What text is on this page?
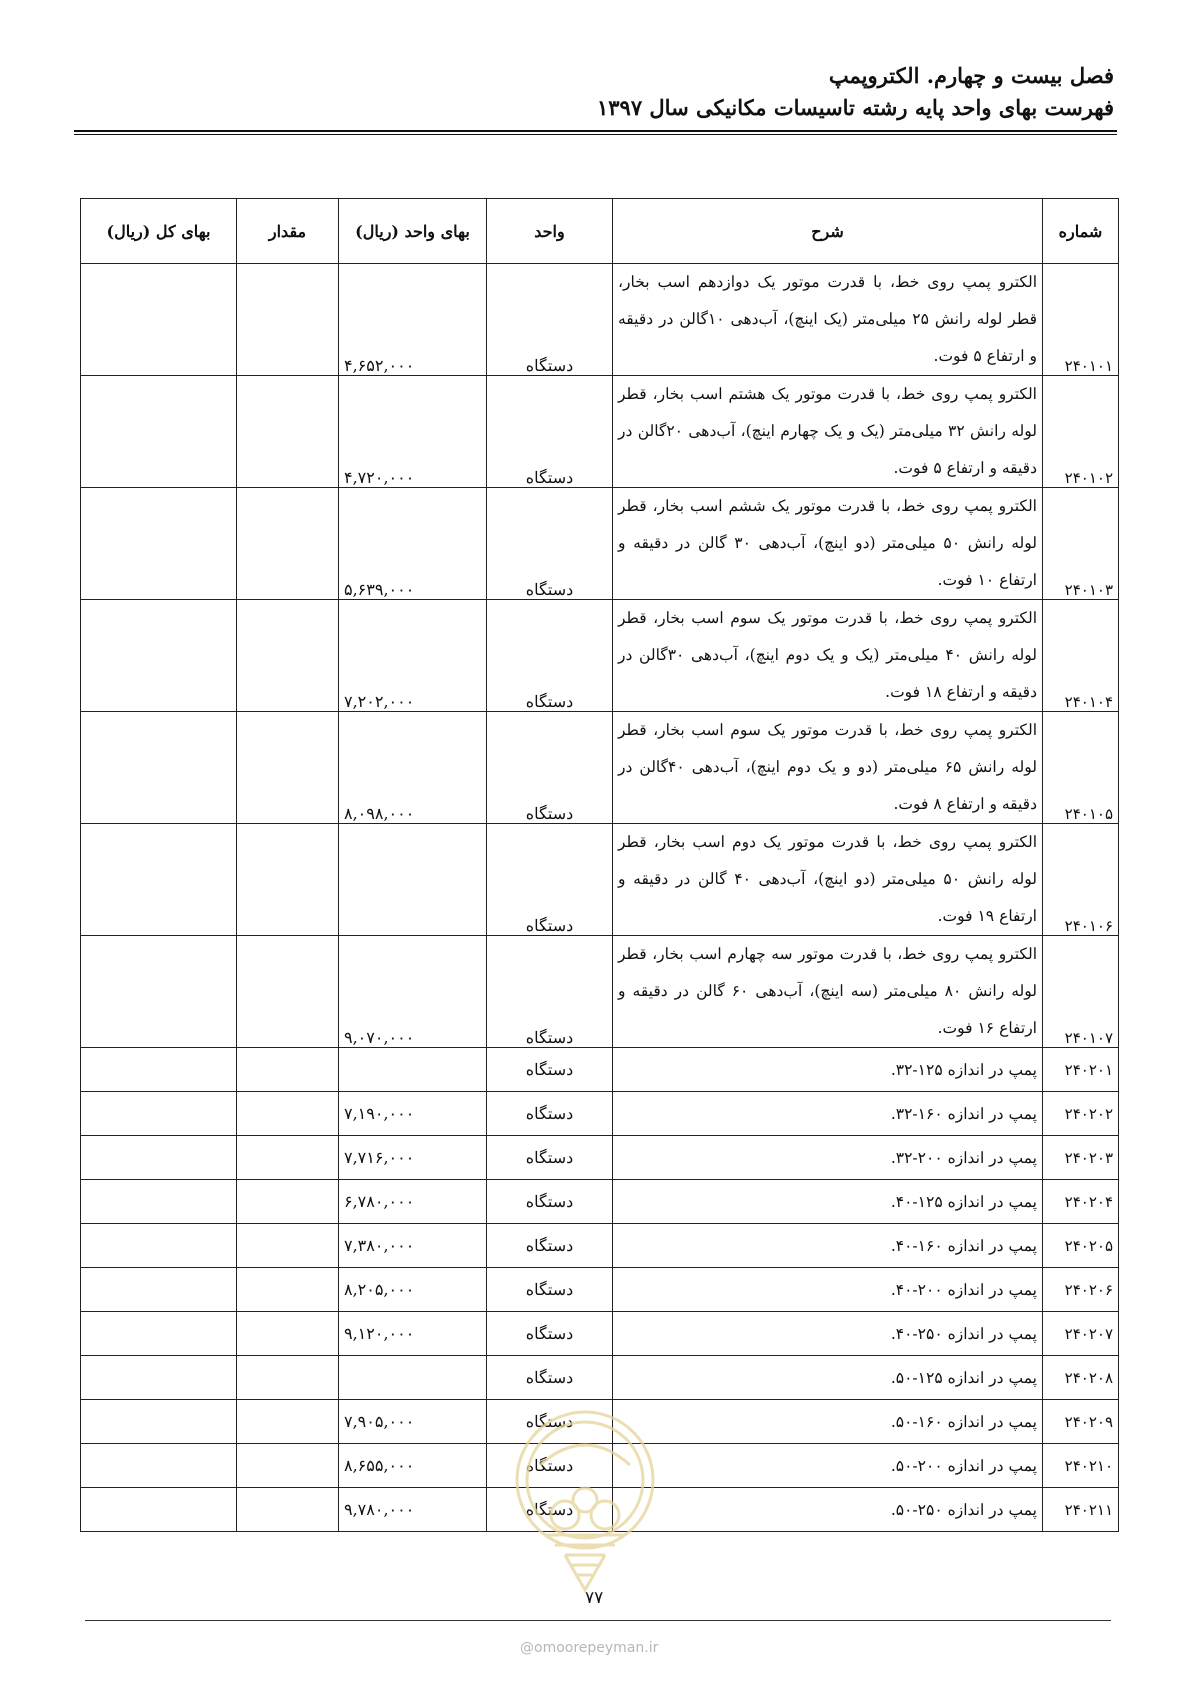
فصل بیست و چهارم. الکتروپمپ
فهرست بهای واحد پایه رشته تاسیسات مکانیکی سال ۱۳۹۷
شماره	شرح	واحد	بهای واحد (ریال)	مقدار	بهای کل (ریال)
۲۴۰۱۰۱	الکترو پمپ روی خط، با قدرت موتور یک دوازدهم اسب بخار، قطر لوله رانش ۲۵ میلی‌متر (یک اینچ)، آب‌دهی ۱۰گالن در دقیقه و ارتفاع ۵ فوت.	دستگاه	۴,۶۵۲,۰۰۰		
۲۴۰۱۰۲	الکترو پمپ روی خط، با قدرت موتور یک هشتم اسب بخار، قطر لوله رانش ۳۲ میلی‌متر (یک و یک چهارم اینچ)، آب‌دهی ۲۰گالن در دقیقه و ارتفاع ۵ فوت.	دستگاه	۴,۷۲۰,۰۰۰		
۲۴۰۱۰۳	الکترو پمپ روی خط، با قدرت موتور یک ششم اسب بخار، قطر لوله رانش ۵۰ میلی‌متر (دو اینچ)، آب‌دهی ۳۰ گالن در دقیقه و ارتفاع ۱۰ فوت.	دستگاه	۵,۶۳۹,۰۰۰		
۲۴۰۱۰۴	الکترو پمپ روی خط، با قدرت موتور یک سوم اسب بخار، قطر لوله رانش ۴۰ میلی‌متر (یک و یک دوم اینچ)، آب‌دهی ۳۰گالن در دقیقه و ارتفاع ۱۸ فوت.	دستگاه	۷,۲۰۲,۰۰۰		
۲۴۰۱۰۵	الکترو پمپ روی خط، با قدرت موتور یک سوم اسب بخار، قطر لوله رانش ۶۵ میلی‌متر (دو و یک دوم اینچ)، آب‌دهی ۴۰گالن در دقیقه و ارتفاع ۸ فوت.	دستگاه	۸,۰۹۸,۰۰۰		
۲۴۰۱۰۶	الکترو پمپ روی خط، با قدرت موتور یک دوم اسب بخار، قطر لوله رانش ۵۰ میلی‌متر (دو اینچ)، آب‌دهی ۴۰ گالن در دقیقه و ارتفاع ۱۹ فوت.	دستگاه			
۲۴۰۱۰۷	الکترو پمپ روی خط، با قدرت موتور سه چهارم اسب بخار، قطر لوله رانش ۸۰ میلی‌متر (سه اینچ)، آب‌دهی ۶۰ گالن در دقیقه و ارتفاع ۱۶ فوت.	دستگاه	۹,۰۷۰,۰۰۰		
۲۴۰۲۰۱	پمپ در اندازه ۱۲۵-۳۲.	دستگاه			
۲۴۰۲۰۲	پمپ در اندازه ۱۶۰-۳۲.	دستگاه	۷,۱۹۰,۰۰۰		
۲۴۰۲۰۳	پمپ در اندازه ۲۰۰-۳۲.	دستگاه	۷,۷۱۶,۰۰۰		
۲۴۰۲۰۴	پمپ در اندازه ۱۲۵-۴۰.	دستگاه	۶,۷۸۰,۰۰۰		
۲۴۰۲۰۵	پمپ در اندازه ۱۶۰-۴۰.	دستگاه	۷,۳۸۰,۰۰۰		
۲۴۰۲۰۶	پمپ در اندازه ۲۰۰-۴۰.	دستگاه	۸,۲۰۵,۰۰۰		
۲۴۰۲۰۷	پمپ در اندازه ۲۵۰-۴۰.	دستگاه	۹,۱۲۰,۰۰۰		
۲۴۰۲۰۸	پمپ در اندازه ۱۲۵-۵۰.	دستگاه			
۲۴۰۲۰۹	پمپ در اندازه ۱۶۰-۵۰.	دستگاه	۷,۹۰۵,۰۰۰		
۲۴۰۲۱۰	پمپ در اندازه ۲۰۰-۵۰.	دستگاه	۸,۶۵۵,۰۰۰		
۲۴۰۲۱۱	پمپ در اندازه ۲۵۰-۵۰.	دستگاه	۹,۷۸۰,۰۰۰		
۷۷
@omoorepeyman.ir
